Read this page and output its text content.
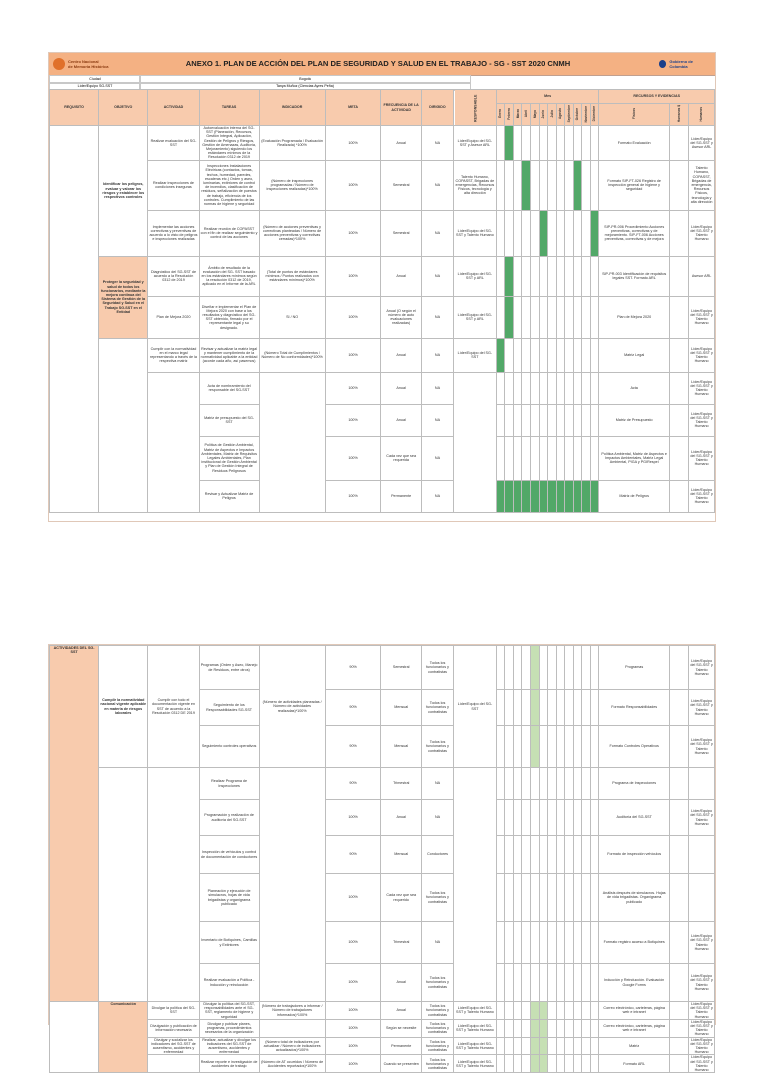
Centro Nacional
de Memoria Histórica	ANEXO 1. PLAN DE ACCIÓN DEL PLAN DE SEGURIDAD Y SALUD EN EL TRABAJO - SG - SST 2020 CNMH	Gobierno de Colombia
Ciudad	Bogotá
Líder/Equipo SG-SST	Tanya Muñoz (Ciencias Ayres Peña)
REQUISITO	OBJETIVO	ACTIVIDAD	TAREAS	INDICADOR	META	FRECUENCIA DE LA ACTIVIDAD	DIRIGIDO	RESPONSABLE	Mes												RECURSOS Y EVIDENCIAS		
									Enero	Febrero	Marzo	Abril	Mayo	Junio	Julio	Agosto	Septiembre	Octubre	Noviembre	Diciembre	Físicos	Humanos $	Humanos
	Identificar los peligros, evaluar y valorar los riesgos y establecer los respectivos controles	Realizar evaluación del SG-SST	Autoevaluación interna del SG-SST (Planeación, Recursos, Gestión Integral, Aplicación, Gestión de Peligros y Riesgos, Gestión de Amenazas, Auditoría, Mejoramiento) siguiendo los estándares mínimos de la Resolución 0312 de 2019	(Evaluación Programada / Evaluación Realizada) *100%	100%	Anual	NA	Líder/Equipo del SG-SST y Asesor ARL													Formato Evaluación		Líder/Equipo del SG-SST y Asesor ARL
		Realizar inspecciones de condiciones inseguras	Inspecciones Instalaciones Eléctricas (contactos, tomas, techos, humedad, paredes, escaleras etc.) Orden y aseo, luminarias, extintores de control de incendios, clasificación de residuos, señalización de puestos de trabajo, eficiencia de los controles. Cumplimiento de las normas de higiene y seguridad	(Número de inspecciones programadas / Número de inspecciones realizadas)*100%	100%	Semestral	NA	Talento Humano, COPASST, Brigadas de emergencias, Recursos Físicos, tecnología y alta dirección													Formato SIP-FT-026 Registro de inspección general de higiene y seguridad		Talento Humano, COPASST, Brigadas de emergencia, Recursos Físicos, tecnología y alta dirección
		Implementar las acciones correctivas y preventivas de acuerdo a lo visto de peligros e inspecciones realizadas	Realizar reunión de COPASST con el fin de realizar seguimiento y control de las acciones	(Número de acciones preventivas y correctivas planteadas / Número de acciones preventivas y correctivas cerradas)*100%	100%	Semestral	NA	Líder/Equipo del SG-SST y Talento Humano													SIP-PR-006 Procedimiento Acciones preventivas, correctivas y de mejoramiento. SIP-FT-006 Acciones preventivas, correctivas y de mejora		Líder/Equipo del SG-SST y Talento Humano
	Proteger la seguridad y salud de todos los funcionarios, mediante la mejora continua del Sistema de Gestión de la Seguridad y Salud en el Trabajo SG-SST en el Entidad	Diagnóstico del SG-SST de acuerdo a la Resolución 0312 de 2019	Ámbito de resultado de la evaluación del SG- SST basado en los estándares mínimos según la resolución 0312 de 2019, aplicado en el Informe de la ARL	(Total de puntos de estándares mínimos / Puntos realizados con estándares mínimos)*100%	100%	Anual	NA	Líder/Equipo del SG-SST y ARL													SIP-PR-003 Identificación de requisitos legales SST. Formato ARL		Asesor ARL
		Plan de Mejora 2020	Diseñar e implementar el Plan de Mejora 2020 con base a los resultados y diagnóstico del SG-SST obtenido, firmado por el representante legal y su designado.	SI / NO	100%	Anual (O según el número de auto evaluaciones realizadas)	NA	Líder/Equipo del SG-SST y ARL													Plan de Mejora 2020		Líder/Equipo del SG-SST y Talento Humano
		Cumplir con la normatividad en el marco legal representando a través de la respectiva matriz	Revisar y actualizar la matriz legal y mantener cumplimiento de la normatividad aplicable a la entidad (acorde cada año, así pasemos)	(Número Total de Cumplimientos / Número de No conformidades)*100%	100%	Anual	NA	Líder/Equipo del SG-SST													Matriz Legal		Líder/Equipo del SG-SST y Talento Humano
			Acta de nombramiento del responsable del SG-SST		100%	Anual	NA														Acta		Líder/Equipo del SG-SST y Talento Humano
			Matriz de presupuesto del SG-SST		100%	Anual	NA														Matriz de Presupuesto		Líder/Equipo del SG-SST y Talento Humano
			Política de Gestión Ambiental, Matriz de Aspectos e Impactos Ambientales, Matriz de Requisitos Legales Ambientales, Plan institucional de Gestión Ambiental y Plan de Gestión Integral de Residuos Peligrosos		100%	Cada vez que sea requerida	NA														Política Ambiental, Matriz de Aspectos e Impactos Ambientales, Matriz Legal Ambiental, PIGA y PGIRespel		Líder/Equipo del SG-SST y Talento Humano
			Revisar y Actualizar Matriz de Peligros		100%	Permanente	NA														Matriz de Peligros		Líder/Equipo del SG-SST y Talento Humano
ACTIVIDADES DEL SG-SST	Cumplir la normatividad nacional vigente aplicable en materia de riesgos laborales	Cumplir con todo el documentación vigente en SST de acuerdo a la Resolución 0312 DE 2019	Programas (Orden y Aseo, Manejo de Residuos, entre otros)	(Número de actividades planeadas / Número de actividades realizadas)*100%	90%	Semestral	Todos los funcionarios y contratistas	Líder/Equipo del SG-SST													Programas		Líder/Equipo del SG-SST y Talento Humano
			Seguimiento de los Responsabilidades SG-SST		90%	Mensual	Todos los funcionarios y contratistas														Formato Responsabilidades		Líder/Equipo del SG-SST y Talento Humano
			Seguimiento controles operativos		90%	Mensual	Todos los funcionarios y contratistas														Formato Controles Operativos		Líder/Equipo del SG-SST y Talento Humano
			Realizar Programa de Inspecciones		90%	Trimestral	NA														Programa de Inspecciones		
			Programación y realización de auditoría del SG-SST		100%	Anual	NA														Auditoría del SG-SST		Líder/Equipo del SG-SST y Talento Humano
			Inspección de vehículos y control de documentación de conductores		90%	Mensual	Conductores														Formato de inspección vehículos		
			Planeación y ejecución de simulacros, hojas de vida brigadistas y organigrama publicado		100%	Cada vez que sea requerido	Todos los funcionarios y contratistas														Análisis después de simulacros. Hojas de vida brigadistas. Organigrama publicado		
			Inventario de Botiquines, Camillas y Extintores		100%	Trimestral	NA														Formato registro acceso a Botiquines		Líder/Equipo del SG-SST y Talento Humano
			Realizar evaluación a Política - Inducción y reinducción		100%	Anual	Todos los funcionarios y contratistas														Inducción y Reinducción. Evaluación Google Forms		Líder/Equipo del SG-SST y Talento Humano
	Comunicación	Divulgar la política del SG-SST	Divulgar la política del SG-SST, responsabilidades ante el SG-SST, reglamento de higiene y seguridad	(Número de trabajadores a informar / Número de trabajadores informados)*100%	100%	Anual	Todos los funcionarios y contratistas	Líder/Equipo del SG-SST y Talento Humano													Correo electrónico, carteleras, página web e intranet		Líder/Equipo del SG-SST y Talento Humano
		Divulgación y publicación de información necesaria	Divulgar y publicar planes, programas, procedimientos necesarios de la organización		100%	Según se necesite	Todos los funcionarios y contratistas	Líder/Equipo del SG-SST y Talento Humano													Correo electrónico, carteleras, página web e intranet		Líder/Equipo del SG-SST y Talento Humano
		Divulgar y socializar los indicadores del SG-SST de ausentismo, accidentes y enfermedad	Realizar, actualizar y divulgar los indicadores del SG-SST de ausentismo, accidentes y enfermedad	(Número total de indicadores por actualizar / Número de indicadores actualizados)*100%	100%	Permanente	Todos los funcionarios y contratistas	Líder/Equipo del SG-SST y Talento Humano													Matriz		Líder/Equipo del SG-SST y Talento Humano
			Realizar reporte e investigación de accidentes de trabajo	(Número de AT ocurridos / Número de Accidentes reportados)*100%	100%	Cuando se presenten	Todos los funcionarios y contratistas	Líder/Equipo del SG-SST y Talento Humano													Formato ARL		Líder/Equipo del SG-SST y Talento Humano
